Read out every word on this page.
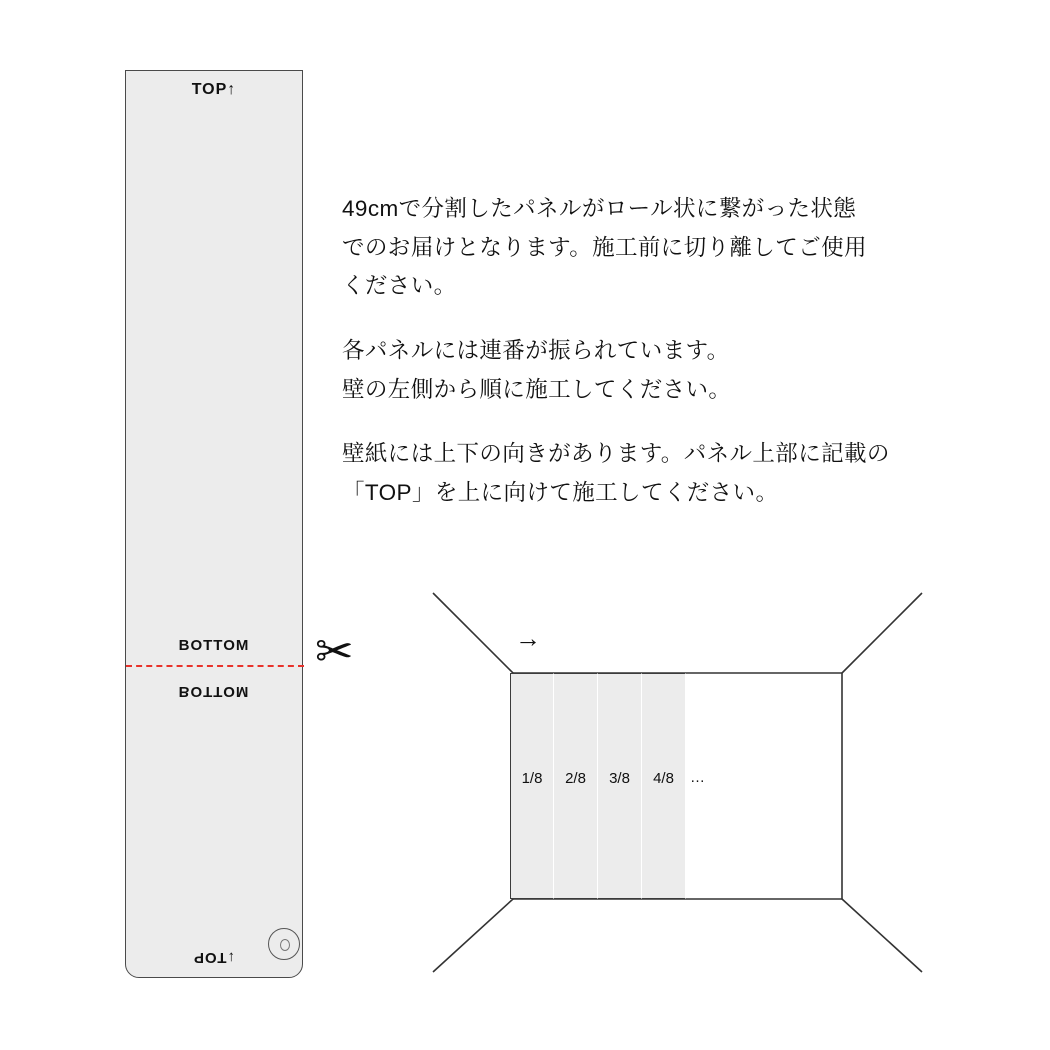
TOP↑
BOTTOM
BOTTOM
↓TOP
✂

49cmで分割したパネルがロール状に繋がった状態

でのお届けとなります。施工前に切り離してご使用

ください。

各パネルには連番が振られています。

壁の左側から順に施工してください。

壁紙には上下の向きがあります。パネル上部に記載の

「TOP」を上に向けて施工してください。

→
1/8	2/8	3/8	4/8	…
